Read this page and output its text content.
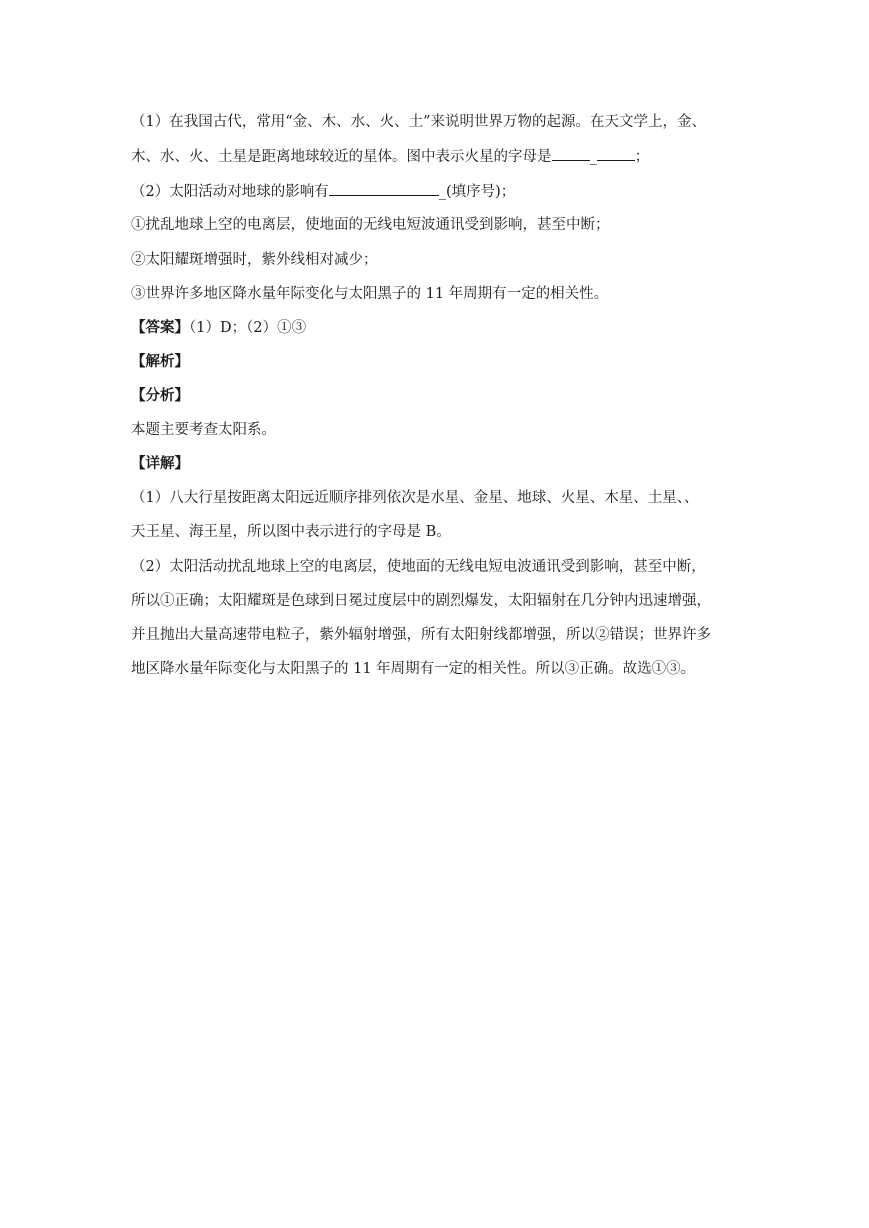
（1）在我国古代，常用“金、木、水、火、土”来说明世界万物的起源。在天文学上，金、
木、水、火、土星是距离地球较近的星体。图中表示火星的字母是	_	；
（2）太阳活动对地球的影响有	_(填序号)；
①扰乱地球上空的电离层，使地面的无线电短波通讯受到影响，甚至中断；
②太阳耀斑增强时，紫外线相对减少；
③世界许多地区降水量年际变化与太阳黑子的 11 年周期有一定的相关性。
【答案】（1）D；（2）①③
【解析】
【分析】
本题主要考查太阳系。
【详解】
（1）八大行星按距离太阳远近顺序排列依次是水星、金星、地球、火星、木星、土星、、
天王星、海王星，所以图中表示进行的字母是 B。
（2）太阳活动扰乱地球上空的电离层，使地面的无线电短电波通讯受到影响，甚至中断，
所以①正确；太阳耀斑是色球到日冕过度层中的剧烈爆发，太阳辐射在几分钟内迅速增强，
并且抛出大量高速带电粒子，紫外辐射增强，所有太阳射线都增强，所以②错误；世界许多
地区降水量年际变化与太阳黑子的 11 年周期有一定的相关性。所以③正确。故选①③。
